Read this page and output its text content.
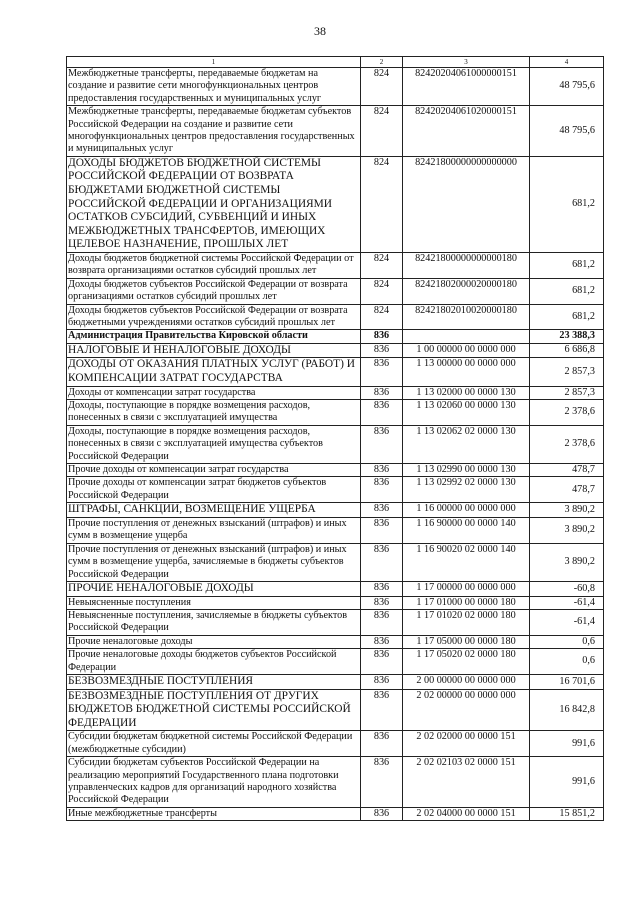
38
1	2	3	4
Межбюджетные трансферты, передаваемые бюджетам на создание и развитие сети многофункциональных центров предоставления государственных и муниципальных услуг	824	82420204061000000151	48 795,6
Межбюджетные трансферты, передаваемые бюджетам субъектов Российской Федерации на создание и развитие сети многофункциональных центров предоставления государственных и муниципальных услуг	824	82420204061020000151	48 795,6
ДОХОДЫ БЮДЖЕТОВ БЮДЖЕТНОЙ СИСТЕМЫ РОССИЙСКОЙ ФЕДЕРАЦИИ ОТ ВОЗВРАТА БЮДЖЕТАМИ БЮДЖЕТНОЙ СИСТЕМЫ РОССИЙСКОЙ ФЕДЕРАЦИИ И ОРГАНИЗАЦИЯМИ ОСТАТКОВ СУБСИДИЙ, СУБВЕНЦИЙ И ИНЫХ МЕЖБЮДЖЕТНЫХ ТРАНСФЕРТОВ, ИМЕЮЩИХ ЦЕЛЕВОЕ НАЗНАЧЕНИЕ, ПРОШЛЫХ ЛЕТ	824	82421800000000000000	681,2
Доходы бюджетов бюджетной системы Российской Федерации от возврата организациями остатков субсидий прошлых лет	824	82421800000000000180	681,2
Доходы бюджетов субъектов Российской Федерации от возврата организациями остатков субсидий прошлых лет	824	82421802000020000180	681,2
Доходы бюджетов субъектов Российской Федерации от возврата бюджетными учреждениями остатков субсидий прошлых лет	824	82421802010020000180	681,2
Администрация Правительства Кировской области	836		23 388,3
НАЛОГОВЫЕ И НЕНАЛОГОВЫЕ ДОХОДЫ	836	1 00 00000 00 0000 000	6 686,8
ДОХОДЫ ОТ ОКАЗАНИЯ ПЛАТНЫХ УСЛУГ (РАБОТ) И КОМПЕНСАЦИИ ЗАТРАТ ГОСУДАРСТВА	836	1 13 00000 00 0000 000	2 857,3
Доходы от компенсации затрат государства	836	1 13 02000 00 0000 130	2 857,3
Доходы, поступающие в порядке возмещения расходов, понесенных в связи с эксплуатацией имущества	836	1 13 02060 00 0000 130	2 378,6
Доходы, поступающие в порядке возмещения расходов, понесенных в связи с эксплуатацией имущества субъектов Российской Федерации	836	1 13 02062 02 0000 130	2 378,6
Прочие доходы от компенсации затрат государства	836	1 13 02990 00 0000 130	478,7
Прочие доходы от компенсации затрат бюджетов субъектов Российской Федерации	836	1 13 02992 02 0000 130	478,7
ШТРАФЫ, САНКЦИИ, ВОЗМЕЩЕНИЕ УЩЕРБА	836	1 16 00000 00 0000 000	3 890,2
Прочие поступления от денежных взысканий (штрафов) и иных сумм в возмещение ущерба	836	1 16 90000 00 0000 140	3 890,2
Прочие поступления от денежных взысканий (штрафов) и иных сумм в возмещение ущерба, зачисляемые в бюджеты субъектов Российской Федерации	836	1 16 90020 02 0000 140	3 890,2
ПРОЧИЕ НЕНАЛОГОВЫЕ ДОХОДЫ	836	1 17 00000 00 0000 000	-60,8
Невыясненные поступления	836	1 17 01000 00 0000 180	-61,4
Невыясненные поступления, зачисляемые в бюджеты субъектов Российской Федерации	836	1 17 01020 02 0000 180	-61,4
Прочие неналоговые доходы	836	1 17 05000 00 0000 180	0,6
Прочие неналоговые доходы бюджетов субъектов Российской Федерации	836	1 17 05020 02 0000 180	0,6
БЕЗВОЗМЕЗДНЫЕ ПОСТУПЛЕНИЯ	836	2 00 00000 00 0000 000	16 701,6
БЕЗВОЗМЕЗДНЫЕ ПОСТУПЛЕНИЯ ОТ ДРУГИХ БЮДЖЕТОВ БЮДЖЕТНОЙ СИСТЕМЫ РОССИЙСКОЙ ФЕДЕРАЦИИ	836	2 02 00000 00 0000 000	16 842,8
Субсидии бюджетам бюджетной системы Российской Федерации (межбюджетные субсидии)	836	2 02 02000 00 0000 151	991,6
Субсидии бюджетам субъектов Российской Федерации на реализацию мероприятий Государственного плана подготовки управленческих кадров для организаций народного хозяйства Российской Федерации	836	2 02 02103 02 0000 151	991,6
Иные межбюджетные трансферты	836	2 02 04000 00 0000 151	15 851,2
